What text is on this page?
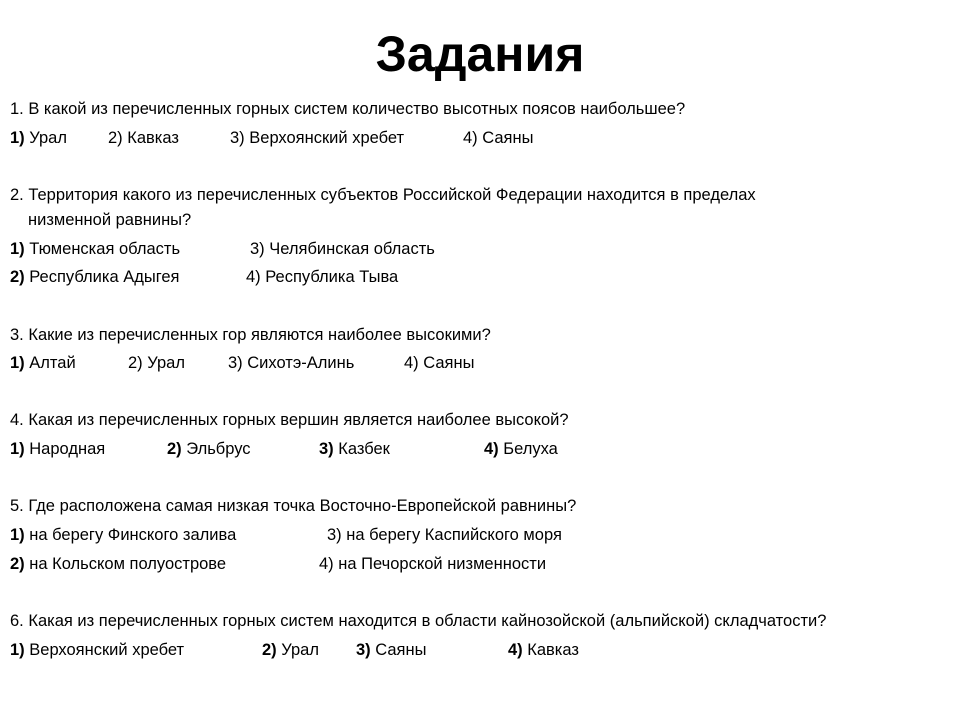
Задания
1. В какой из перечисленных горных систем количество высотных поясов наибольшее?
1) Урал 2) Кавказ	3) Верхоянский хребет	4) Саяны
2. Территория какого из перечисленных субъектов Российской Федерации находится в пределах
низменной равнины?
1) Тюменская область	3) Челябинская область
2) Республика Адыгея	4) Республика Тыва
3. Какие из перечисленных гор являются наиболее высокими?
1) Алтай	2) Урал	3) Сихотэ-Алинь	4) Саяны
4. Какая из перечисленных горных вершин является наиболее высокой?
1) Народная	2) Эльбрус	3) Казбек	4) Белуха
5. Где расположена самая низкая точка Восточно-Европейской равнины?
1) на берегу Финского залива	3) на берегу Каспийского моря
2) на Кольском полуострове	4) на Печорской низменности
6. Какая из перечисленных горных систем находится в области кайнозойской (альпийской) складчатости?
1) Верхоянский хребет	2) Урал 3) Саяны	4) Кавказ
